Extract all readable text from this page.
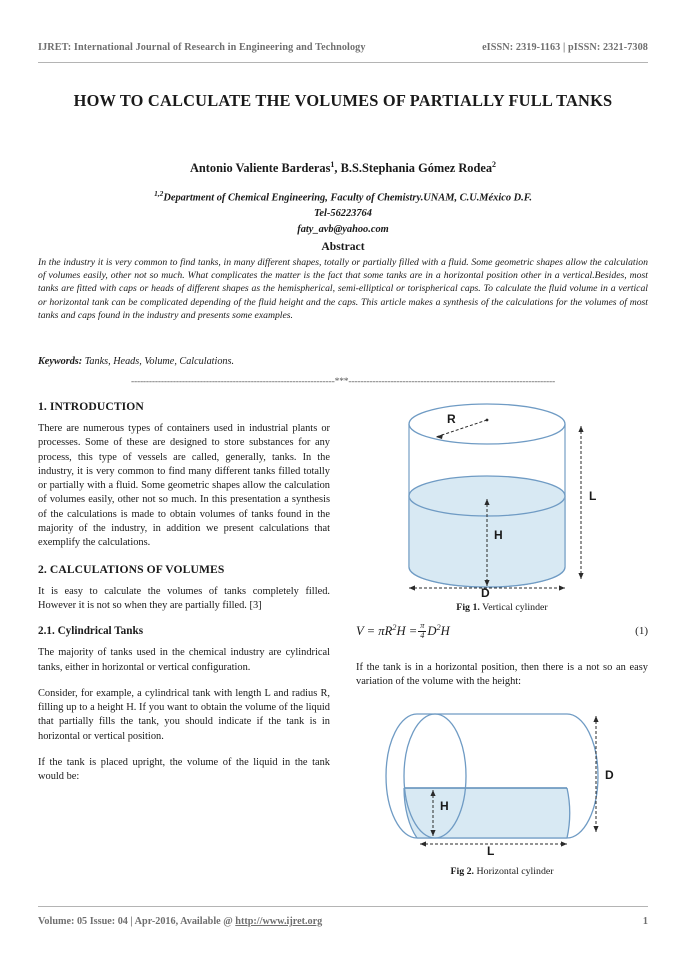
IJRET: International Journal of Research in Engineering and Technology	eISSN: 2319-1163 | pISSN: 2321-7308
HOW TO CALCULATE THE VOLUMES OF PARTIALLY FULL TANKS
Antonio Valiente Barderas$^1$, B.S.Stephania Gómez Rodea$^2$
$^{1,2}$Department of Chemical Engineering, Faculty of Chemistry.UNAM, C.U.México D.F.
Tel-56223764
faty_avb@yahoo.com
Abstract
In the industry it is very common to find tanks, in many different shapes, totally or partially filled with a fluid. Some geometric shapes allow the calculation of volumes easily, other not so much. What complicates the matter is the fact that some tanks are in a horizontal position other in a vertical.Besides, most tanks are fitted with caps or heads of different shapes as the hemispherical, semi-elliptical or torispherical caps. To calculate the fluid volume in a vertical or horizontal tank can be complicated depending of the fluid height and the caps. This article makes a synthesis of the calculations for the volumes of most tanks and caps found in the industry and presents some examples.
Keywords: Tanks, Heads, Volume, Calculations.
--------------------------------------------------------------------***---------------------------------------------------------------------
1. INTRODUCTION

There are numerous types of containers used in industrial plants or processes. Some of these are designed to store substances for any process, this type of vessels are called, generally, tanks. In the industry, it is very common to find many different tanks filled totally or partially with a fluid. Some geometric shapes allow the calculation of volumes easily, other not so much. In this presentation a synthesis of the calculations is made to obtain volumes of tanks found in the majority of the industry, in addition we present calculations that exemplify the calculations.

2. CALCULATIONS OF VOLUMES

It is easy to calculate the volumes of tanks completely filled. However it is not so when they are partially filled. [3]

2.1. Cylindrical Tanks

The majority of tanks used in the chemical industry are cylindrical tanks, either in horizontal or vertical configuration.

Consider, for example, a cylindrical tank with length L and radius R, filling up to a height H. If you want to obtain the volume of the liquid that partially fills the tank, you should indicate if the tank is in horizontal or vertical position.

If the tank is placed upright, the volume of the liquid in the tank would be:

R
L
H
D
Fig 1. Vertical cylinder
$V = \pi R^2H = \frac{\pi}{4} D^2H$	(1)

If the tank is in a horizontal position, then there is a not so an easy variation of the volume with the height:

D
H
L
Fig 2. Horizontal cylinder
Volume: 05 Issue: 04 | Apr-2016, Available @ http://www.ijret.org	1
